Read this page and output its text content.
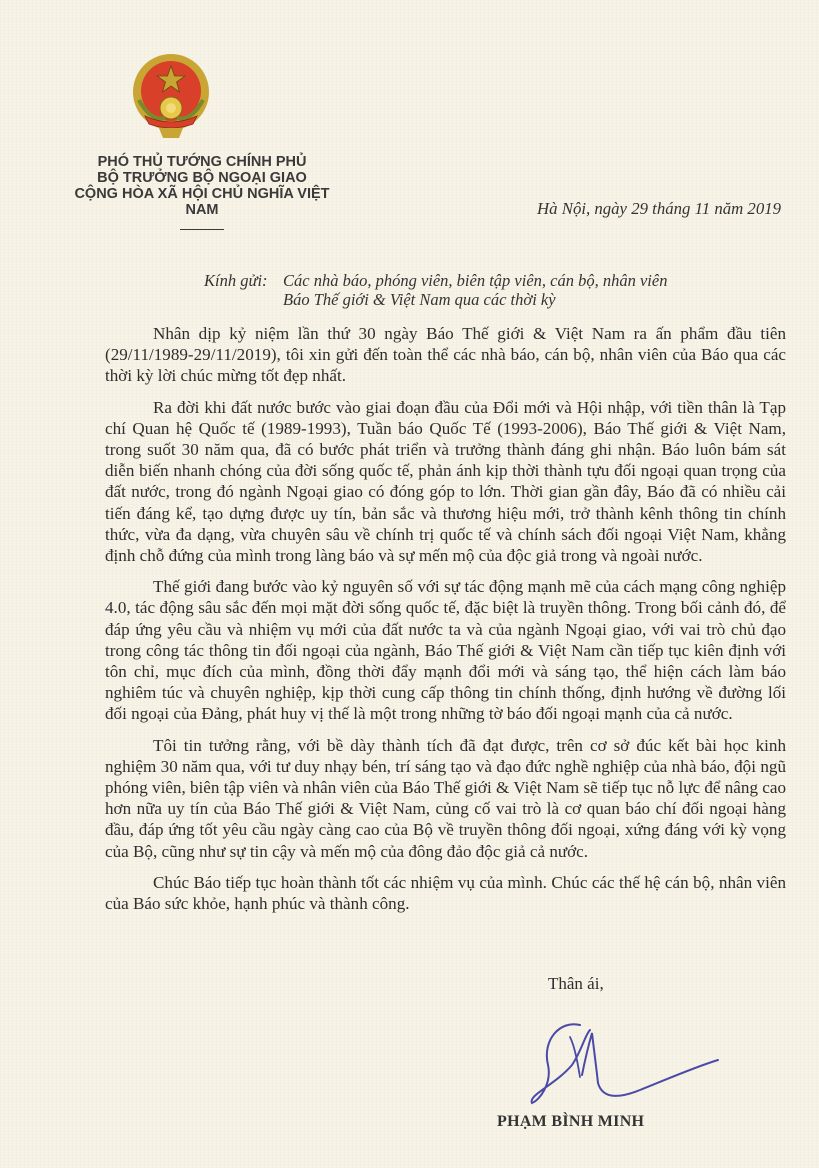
PHÓ THỦ TƯỚNG CHÍNH PHỦ
BỘ TRƯỞNG BỘ NGOẠI GIAO
CỘNG HÒA XÃ HỘI CHỦ NGHĨA VIỆT NAM	Hà Nội, ngày 29 tháng 11 năm 2019
Kính gửi: Các nhà báo, phóng viên, biên tập viên, cán bộ, nhân viên
Báo Thế giới & Việt Nam qua các thời kỳ

Nhân dịp kỷ niệm lần thứ 30 ngày Báo Thế giới & Việt Nam ra ấn phẩm đầu tiên (29/11/1989-29/11/2019), tôi xin gửi đến toàn thể các nhà báo, cán bộ, nhân viên của Báo qua các thời kỳ lời chúc mừng tốt đẹp nhất.

Ra đời khi đất nước bước vào giai đoạn đầu của Đổi mới và Hội nhập, với tiền thân là Tạp chí Quan hệ Quốc tế (1989-1993), Tuần báo Quốc Tế (1993-2006), Báo Thế giới & Việt Nam, trong suốt 30 năm qua, đã có bước phát triển và trưởng thành đáng ghi nhận. Báo luôn bám sát diễn biến nhanh chóng của đời sống quốc tế, phản ánh kịp thời thành tựu đối ngoại quan trọng của đất nước, trong đó ngành Ngoại giao có đóng góp to lớn. Thời gian gần đây, Báo đã có nhiều cải tiến đáng kể, tạo dựng được uy tín, bản sắc và thương hiệu mới, trở thành kênh thông tin chính thức, vừa đa dạng, vừa chuyên sâu về chính trị quốc tế và chính sách đối ngoại Việt Nam, khẳng định chỗ đứng của mình trong làng báo và sự mến mộ của độc giả trong và ngoài nước.

Thế giới đang bước vào kỷ nguyên số với sự tác động mạnh mẽ của cách mạng công nghiệp 4.0, tác động sâu sắc đến mọi mặt đời sống quốc tế, đặc biệt là truyền thông. Trong bối cảnh đó, để đáp ứng yêu cầu và nhiệm vụ mới của đất nước ta và của ngành Ngoại giao, với vai trò chủ đạo trong công tác thông tin đối ngoại của ngành, Báo Thế giới & Việt Nam cần tiếp tục kiên định với tôn chỉ, mục đích của mình, đồng thời đẩy mạnh đổi mới và sáng tạo, thể hiện cách làm báo nghiêm túc và chuyên nghiệp, kịp thời cung cấp thông tin chính thống, định hướng về đường lối đối ngoại của Đảng, phát huy vị thế là một trong những tờ báo đối ngoại mạnh của cả nước.

Tôi tin tưởng rằng, với bề dày thành tích đã đạt được, trên cơ sở đúc kết bài học kinh nghiệm 30 năm qua, với tư duy nhạy bén, trí sáng tạo và đạo đức nghề nghiệp của nhà báo, đội ngũ phóng viên, biên tập viên và nhân viên của Báo Thế giới & Việt Nam sẽ tiếp tục nỗ lực để nâng cao hơn nữa uy tín của Báo Thế giới & Việt Nam, củng cố vai trò là cơ quan báo chí đối ngoại hàng đầu, đáp ứng tốt yêu cầu ngày càng cao của Bộ về truyền thông đối ngoại, xứng đáng với kỳ vọng của Bộ, cũng như sự tin cậy và mến mộ của đông đảo độc giả cả nước.

Chúc Báo tiếp tục hoàn thành tốt các nhiệm vụ của mình. Chúc các thế hệ cán bộ, nhân viên của Báo sức khỏe, hạnh phúc và thành công.

Thân ái,
PHẠM BÌNH MINH
